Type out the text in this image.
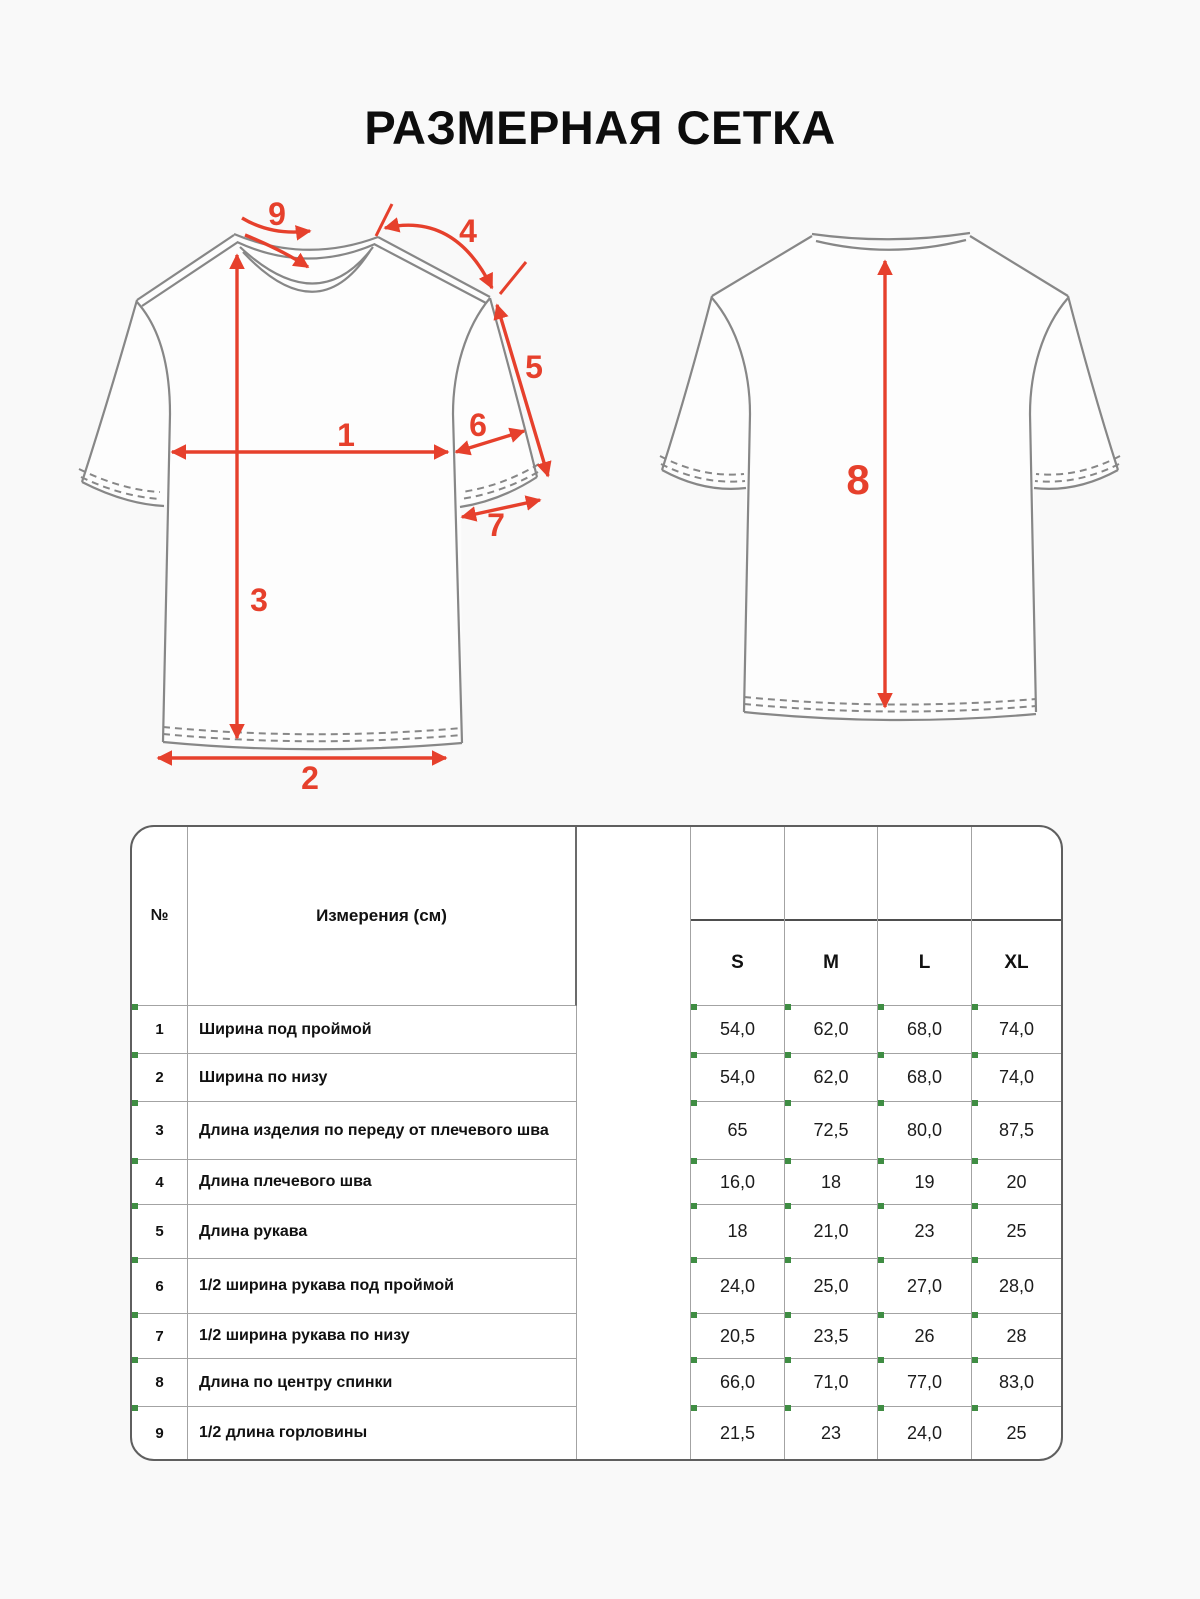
РАЗМЕРНАЯ СЕТКА
1
2
3
4
5
6
7
9
8
№	Измерения (см)
S	M	L	XL
1	Ширина под проймой	54,0	62,0	68,0	74,0
2	Ширина по низу	54,0	62,0	68,0	74,0
3	Длина изделия по переду от плечевого шва	65	72,5	80,0	87,5
4	Длина плечевого шва	16,0	18	19	20
5	Длина рукава	18	21,0	23	25
6	1/2 ширина рукава под проймой	24,0	25,0	27,0	28,0
7	1/2 ширина рукава по низу	20,5	23,5	26	28
8	Длина по центру спинки	66,0	71,0	77,0	83,0
9	1/2 длина горловины	21,5	23	24,0	25
